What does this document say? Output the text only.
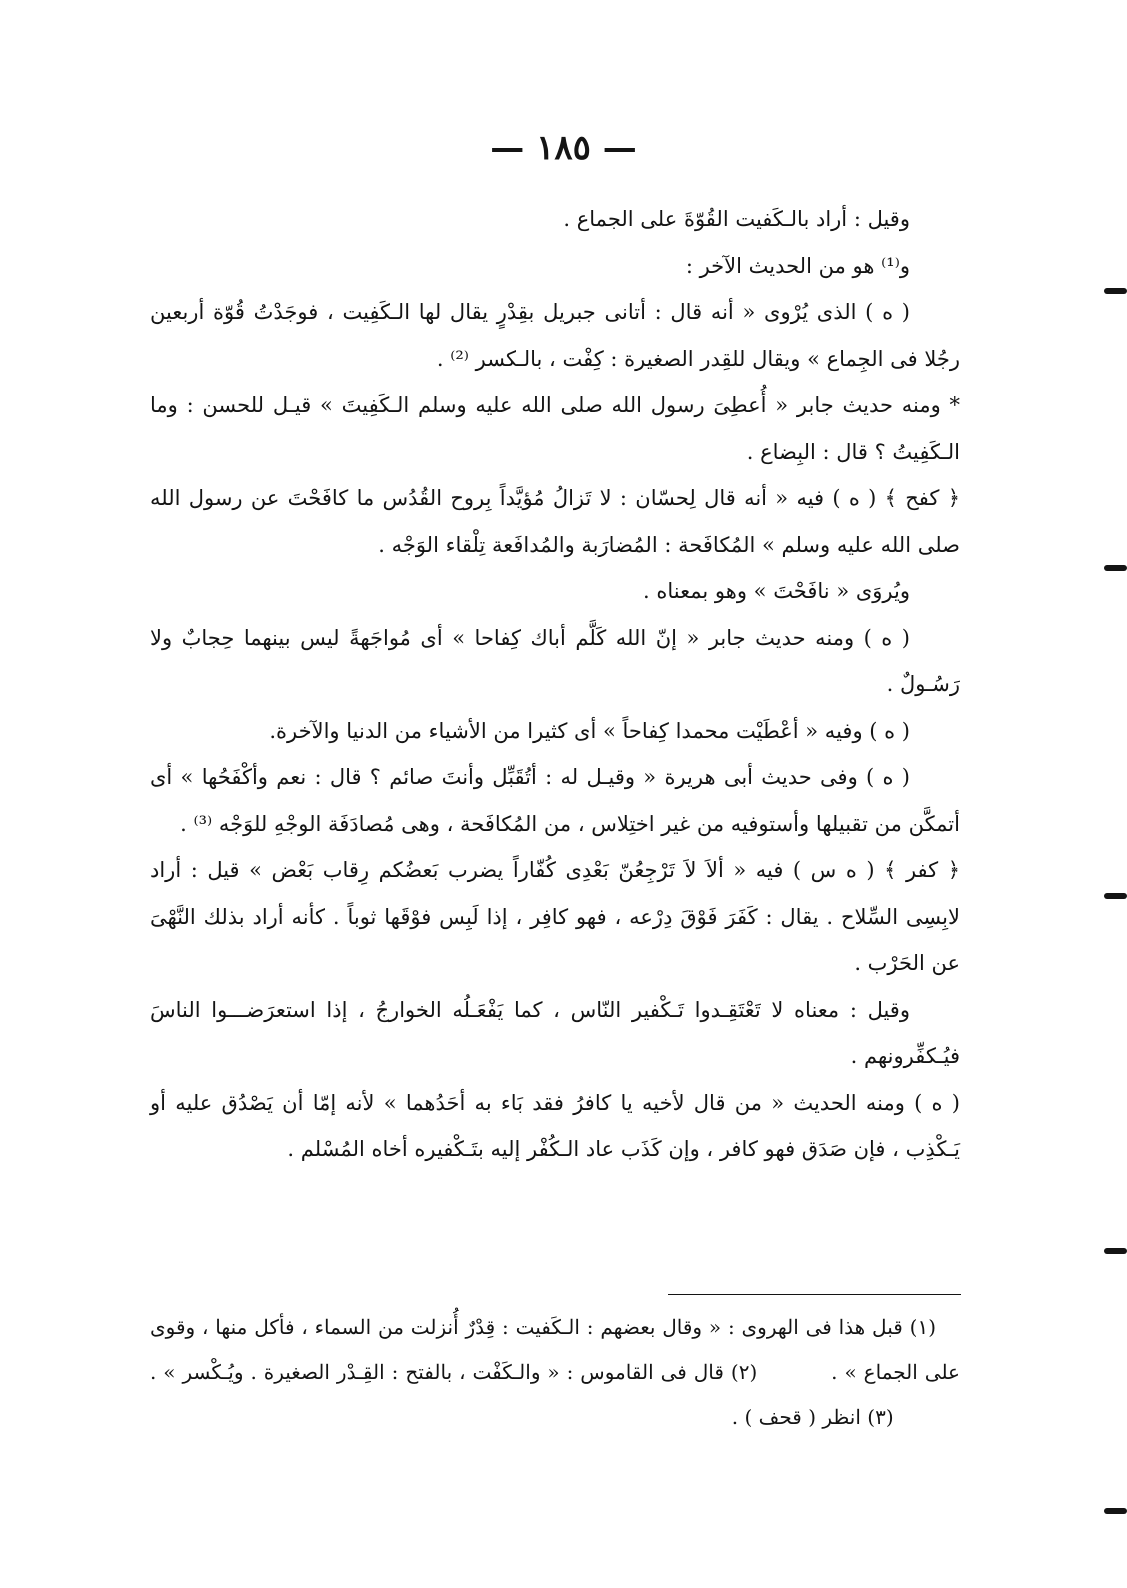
— ١٨٥ —

وقيل : أراد بالـكَفيت القُوّةَ على الجماع .

و⁽¹⁾ هو من الحديث الآخر :

( ه ) الذى يُرْوى « أنه قال : أتانى جبريل بقِدْرٍ يقال لها الـكَفِيت ، فوجَدْتُ قُوّة أربعين رجُلا فى الجِماع » ويقال للقِدر الصغيرة : كِفْت ، بالـكسر ⁽²⁾ .

* ومنه حديث جابر « أُعطِىَ رسول الله صلى الله عليه وسلم الـكَفِيتَ » قيـل للحسن : وما الـكَفِيتُ ؟ قال : البِضاع .

﴿ كفح ﴾ ( ه ) فيه « أنه قال لِحسّان : لا تَزالُ مُؤيَّداً بِروح القُدُس ما كافَحْتَ عن رسول الله صلى الله عليه وسلم » المُكافَحة : المُضارَبة والمُدافَعة تِلْقاء الوَجْه .

ويُروَى « نافَحْتَ » وهو بمعناه .

( ه ) ومنه حديث جابر « إنّ الله كَلَّم أباك كِفاحا » أى مُواجَهةً ليس بينهما حِجابٌ ولا رَسُـولٌ .

( ه ) وفيه « أعْطَيْت محمدا كِفاحاً » أى كثيرا من الأشياء من الدنيا والآخرة.

( ه ) وفى حديث أبى هريرة « وقيـل له : أتُقَبِّل وأنتَ صائم ؟ قال : نعم وأكْفَحُها » أى أتمكَّن من تقبيلها وأستوفيه من غير اختِلاس ، من المُكافَحة ، وهى مُصادَفَة الوجْهِ للوَجْه ⁽³⁾ .

﴿ كفر ﴾ ( ه س ) فيه « ألاَ لاَ تَرْجِعُنّ بَعْدِى كُفّاراً يضرب بَعضُكم رِقاب بَعْض » قيل : أراد لابِسِى السِّلاح . يقال : كَفَرَ فَوْقَ دِرْعه ، فهو كافِر ، إذا لَبِس فوْقَها ثوباً . كأنه أراد بذلك النَّهْىَ عن الحَرْب .

وقيل : معناه لا تَعْتَقِـدوا تَـكْفير النّاس ، كما يَفْعَـلُه الخوارجُ ، إذا استعرَضـــوا الناسَ فيُـكفِّرونهم .

( ه ) ومنه الحديث « من قال لأخيه يا كافرُ فقد بَاء به أحَدُهما » لأنه إمّا أن يَصْدُق عليه أو يَـكْذِب ، فإن صَدَق فهو كافر ، وإن كَذَب عاد الـكُفْر إليه بتَـكْفيره أخاه المُسْلم .

(١) قبل هذا فى الهروى : « وقال بعضهم : الـكَفيت : قِدْرٌ أُنزلت من السماء ، فأكل منها ، وقوى على الجماع » .  (٢) قال فى القاموس : « والـكَفْت ، بالفتح : القِـدْر الصغيرة . ويُـكْسر » .  (٣) انظر ( قحف ) .
